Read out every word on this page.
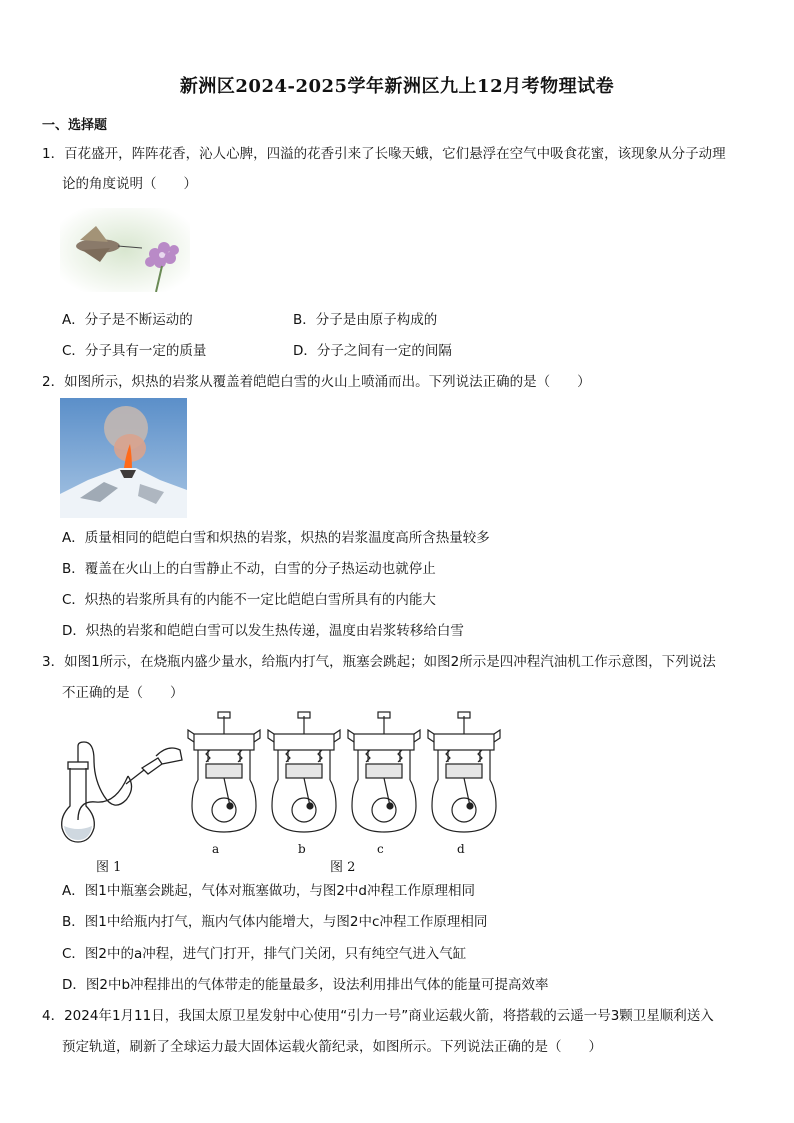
新洲区2024-2025学年新洲区九上12月考物理试卷
一、选择题
1．百花盛开，阵阵花香，沁人心脾，四溢的花香引来了长喙天蛾，它们悬浮在空气中吸食花蜜，该现象从分子动理
论的角度说明（　　）
A．分子是不断运动的	B．分子是由原子构成的
C．分子具有一定的质量	D．分子之间有一定的间隔
2．如图所示，炽热的岩浆从覆盖着皑皑白雪的火山上喷涌而出。下列说法正确的是（　　）
A．质量相同的皑皑白雪和炽热的岩浆，炽热的岩浆温度高所含热量较多
B．覆盖在火山上的白雪静止不动，白雪的分子热运动也就停止
C．炽热的岩浆所具有的内能不一定比皑皑白雪所具有的内能大
D．炽热的岩浆和皑皑白雪可以发生热传递，温度由岩浆转移给白雪
3．如图1所示，在烧瓶内盛少量水，给瓶内打气，瓶塞会跳起；如图2所示是四冲程汽油机工作示意图，下列说法
不正确的是（　　）
a	b	c	d
图 1	图 2
A．图1中瓶塞会跳起，气体对瓶塞做功，与图2中d冲程工作原理相同
B．图1中给瓶内打气，瓶内气体内能增大，与图2中c冲程工作原理相同
C．图2中的a冲程，进气门打开，排气门关闭，只有纯空气进入气缸
D．图2中b冲程排出的气体带走的能量最多，设法利用排出气体的能量可提高效率
4．2024年1月11日，我国太原卫星发射中心使用“引力一号”商业运载火箭，将搭载的云遥一号3颗卫星顺利送入
预定轨道，刷新了全球运力最大固体运载火箭纪录，如图所示。下列说法正确的是（　　）
